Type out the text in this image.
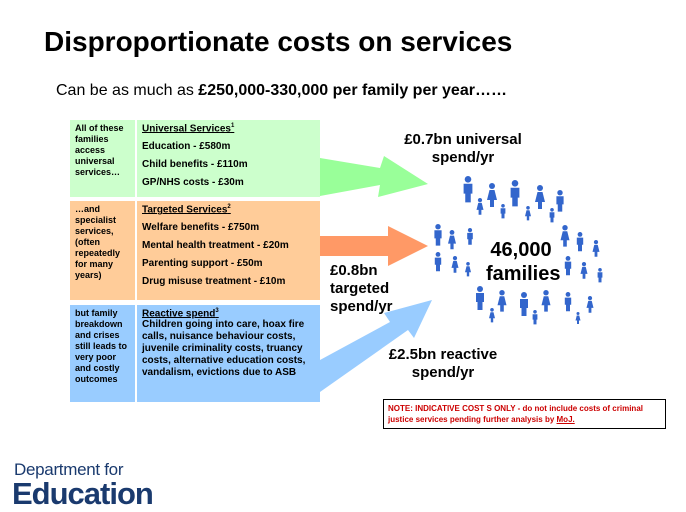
Disproportionate costs on services
Can be as much as £250,000-330,000 per family per year……
All of these families access universal services…
Universal Services$^1$
Education - £580m
Child benefits - £110m
GP/NHS costs - £30m
…and specialist services, (often repeatedly for many years)
Targeted Services$^2$
Welfare benefits - £750m
Mental health treatment - £20m
Parenting support - £50m
Drug misuse treatment - £10m
but family breakdown and crises still leads to very poor and costly outcomes
Reactive spend$^3$
Children going into care, hoax fire calls, nuisance behaviour costs, juvenile criminality costs, truancy costs, alternative education costs, vandalism, evictions due to ASB
£0.7bn universal spend/yr
£0.8bn targeted spend/yr
£2.5bn reactive spend/yr
46,000
families
NOTE: INDICATIVE COST S ONLY - do not include costs of criminal justice services pending further analysis by MoJ.
Department for
Education
